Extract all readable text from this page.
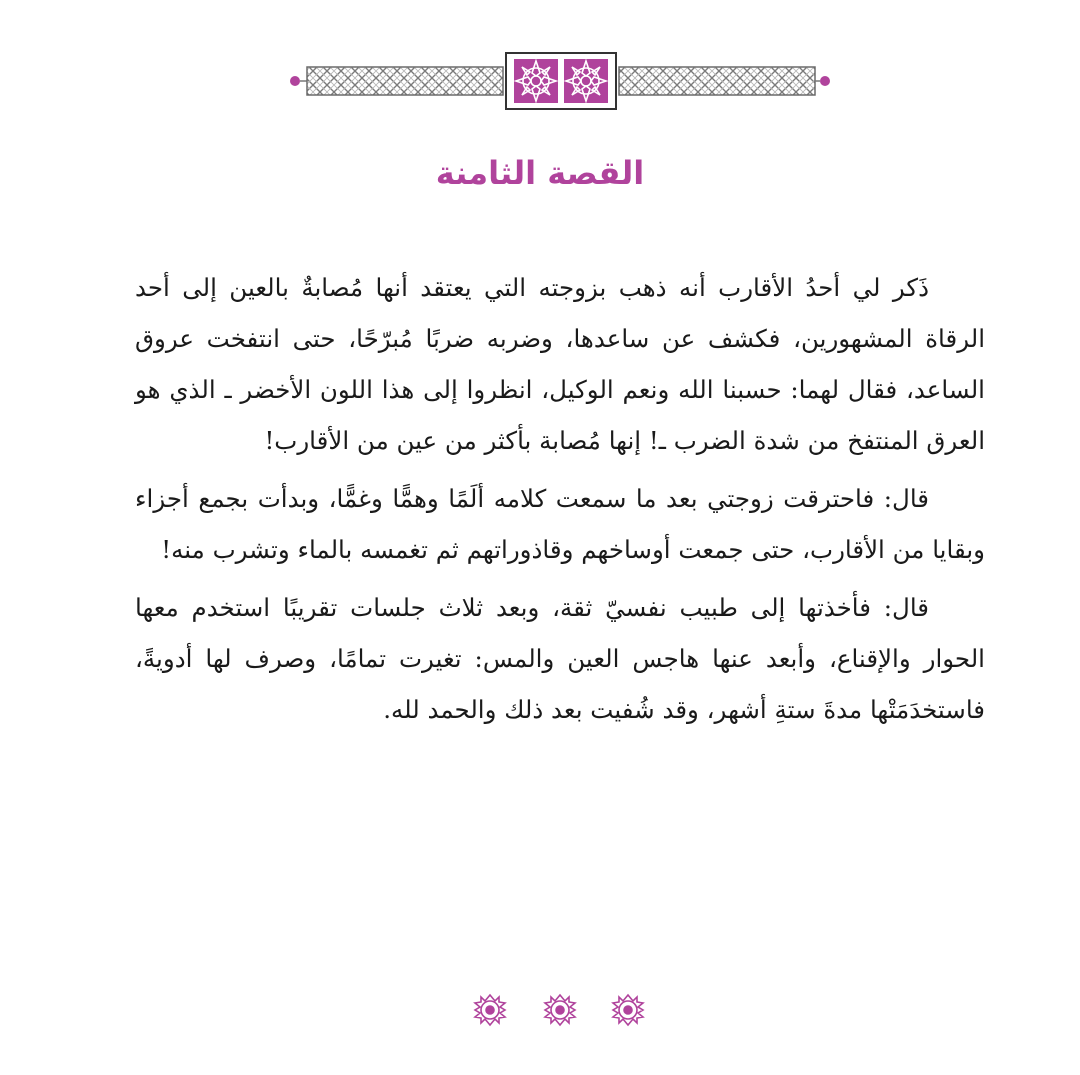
القصة الثامنة

ذَكر لي أحدُ الأقارب أنه ذهب بزوجته التي يعتقد أنها مُصابةٌ بالعين إلى أحد الرقاة المشهورين، فكشف عن ساعدها، وضربه ضربًا مُبرّحًا، حتى انتفخت عروق الساعد، فقال لهما: حسبنا الله ونعم الوكيل، انظروا إلى هذا اللون الأخضر ـ الذي هو العرق المنتفخ من شدة الضرب ـ! إنها مُصابة بأكثر من عين من الأقارب!

قال: فاحترقت زوجتي بعد ما سمعت كلامه ألَمًا وهمًّا وغمًّا، وبدأت بجمع أجزاء وبقايا من الأقارب، حتى جمعت أوساخهم وقاذوراتهم ثم تغمسه بالماء وتشرب منه!

قال: فأخذتها إلى طبيب نفسيّ ثقة، وبعد ثلاث جلسات تقريبًا استخدم معها الحوار والإقناع، وأبعد عنها هاجس العين والمس: تغيرت تمامًا، وصرف لها أدويةً، فاستخدَمَتْها مدةَ ستةِ أشهر، وقد شُفيت بعد ذلك والحمد لله.
